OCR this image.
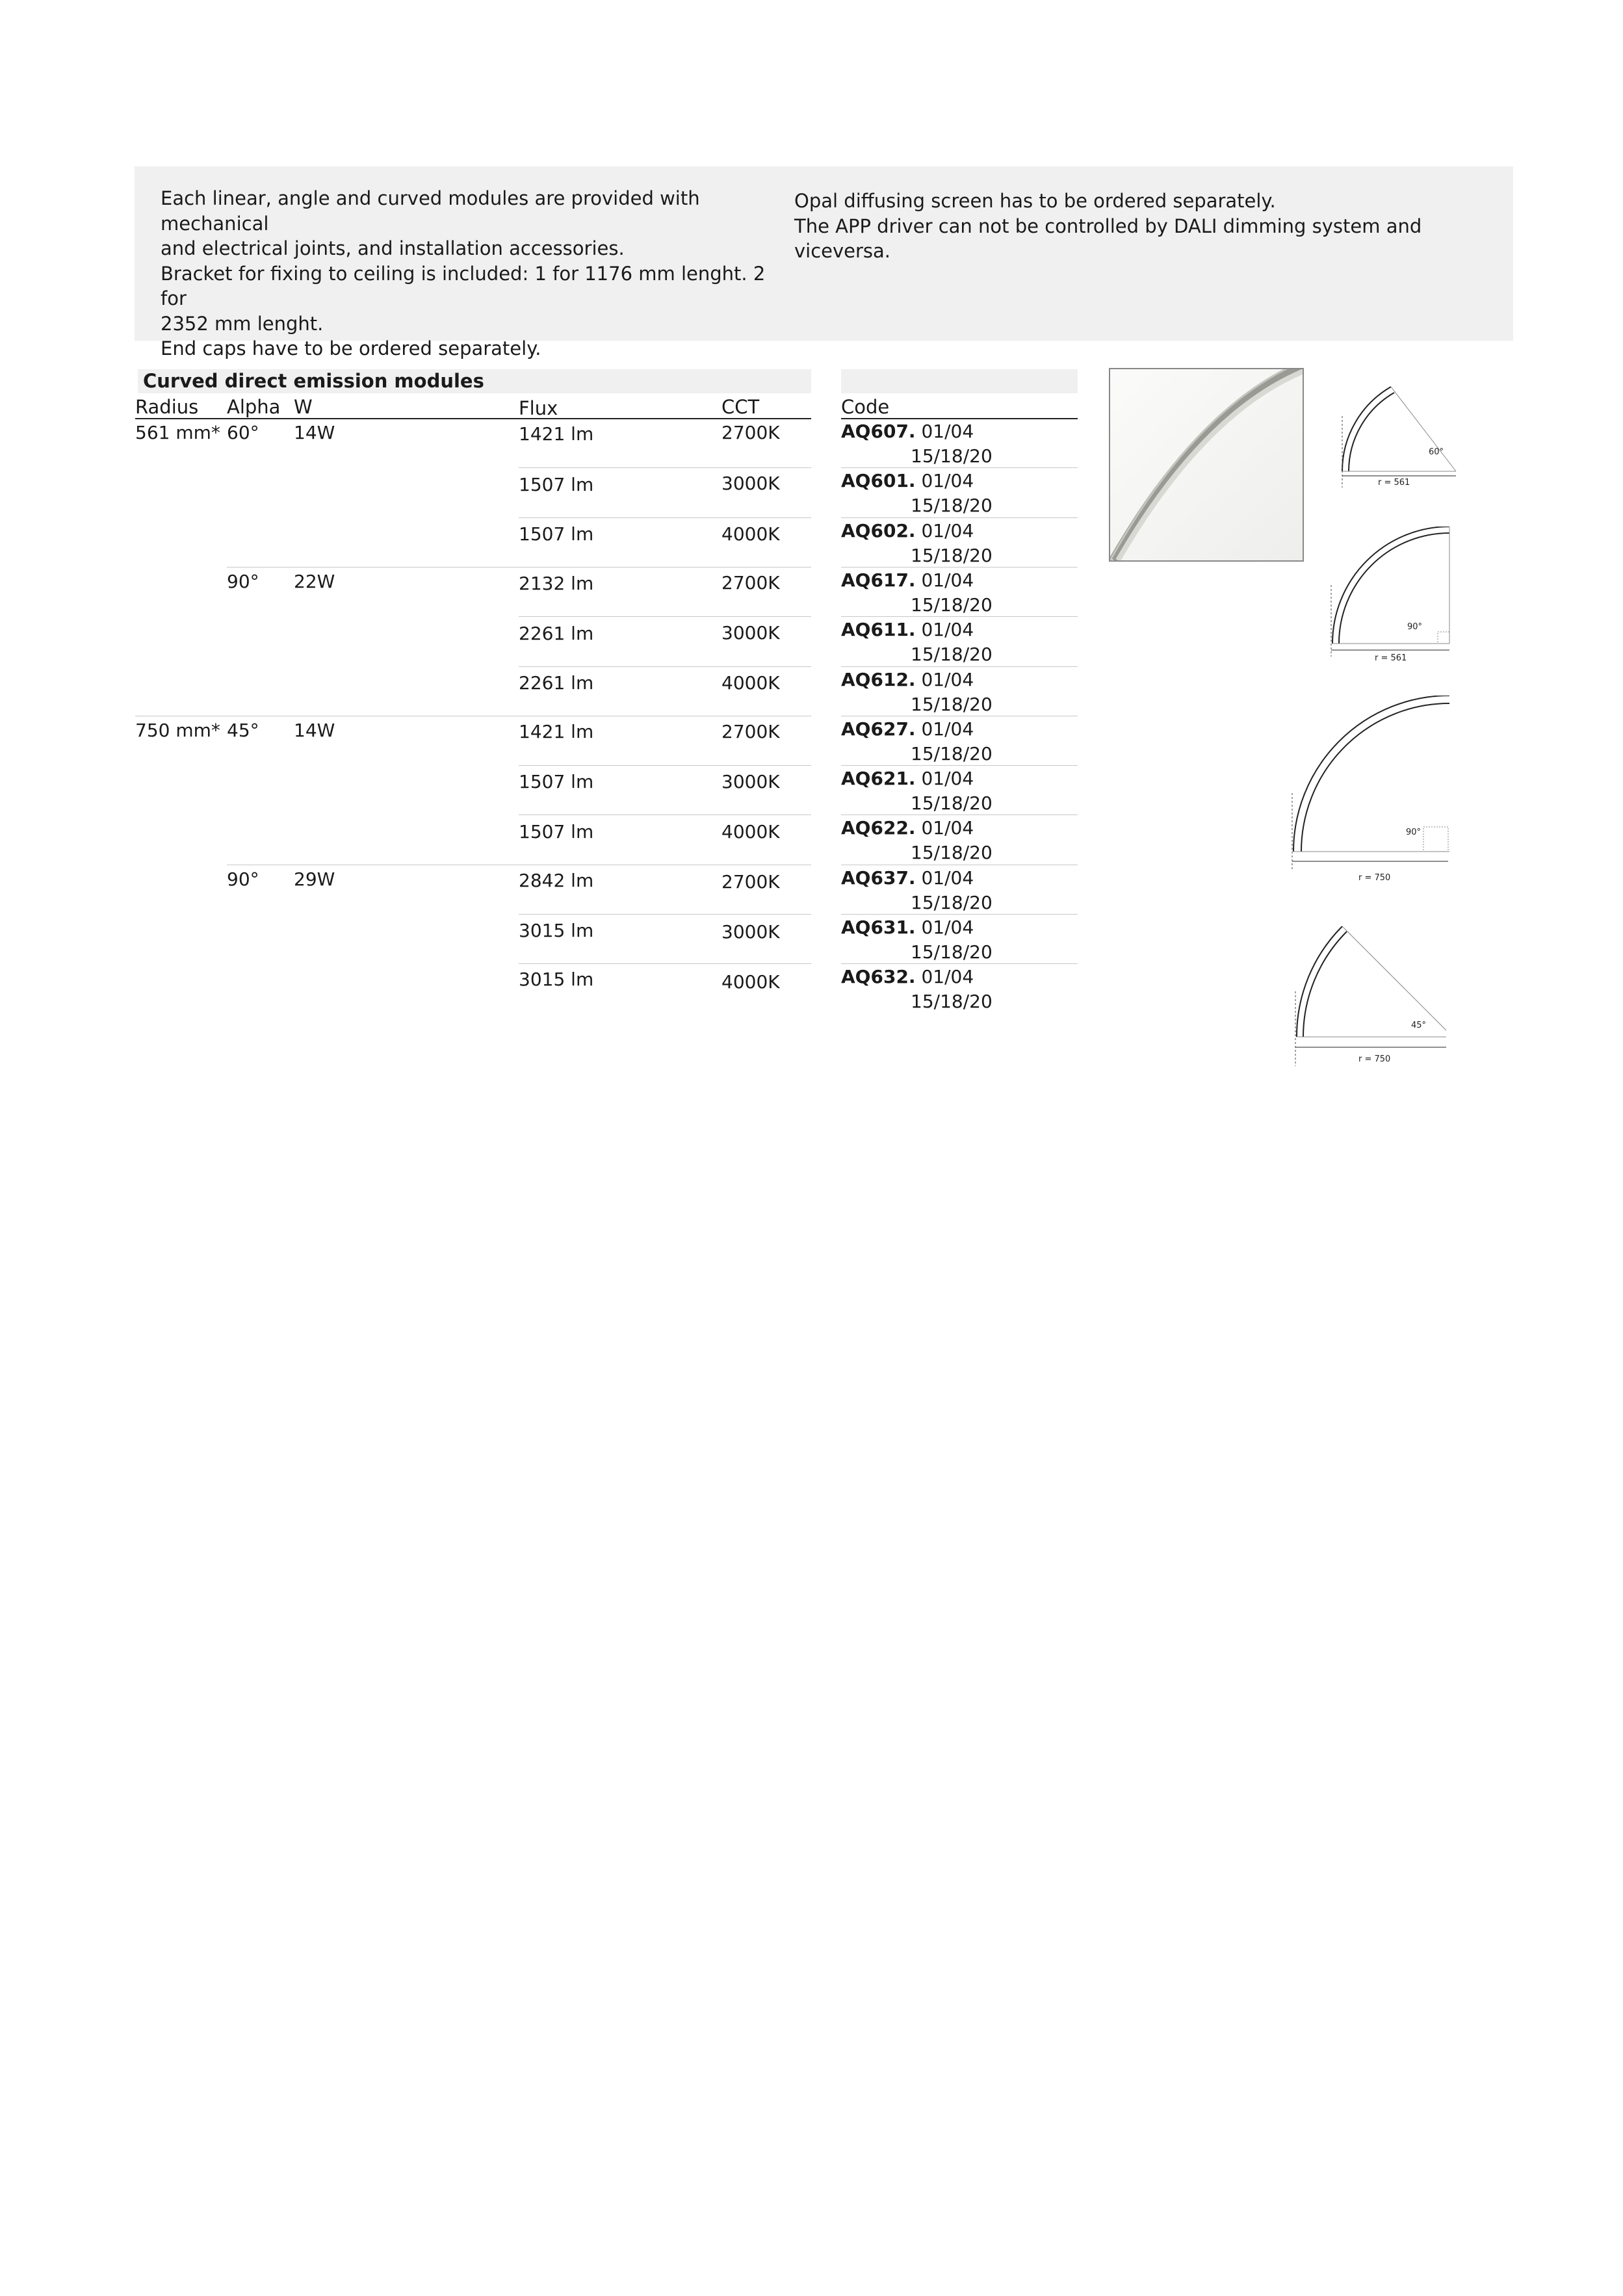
Each linear, angle and curved modules are provided with mechanical
and electrical joints, and installation accessories.
Bracket for fixing to ceiling is included: 1 for 1176 mm lenght. 2 for
2352 mm lenght.
End caps have to be ordered separately.
Opal diffusing screen has to be ordered separately.
The APP driver can not be controlled by DALI dimming system and
viceversa.
Curved direct emission modules
Radius Alpha W	Flux	CCT	Code
561 mm* 60° 14W	1421 lm	2700K	AQ607. 01/04
15/18/20
1507 lm	3000K	AQ601. 01/04
15/18/20
1507 lm	4000K	AQ602. 01/04
15/18/20
90° 22W	2132 lm	2700K	AQ617. 01/04
15/18/20
2261 lm	3000K	AQ611. 01/04
15/18/20
2261 lm	4000K	AQ612. 01/04
15/18/20
750 mm* 45° 14W	1421 lm	2700K	AQ627. 01/04
15/18/20
1507 lm	3000K	AQ621. 01/04
15/18/20
1507 lm	4000K	AQ622. 01/04
15/18/20
90° 29W	2842 lm	2700K	AQ637. 01/04
15/18/20
3015 lm	3000K	AQ631. 01/04
15/18/20
3015 lm	4000K	AQ632. 01/04
15/18/20
60°
r = 561
90°
r = 561
90°
r = 750
45°
r = 750
